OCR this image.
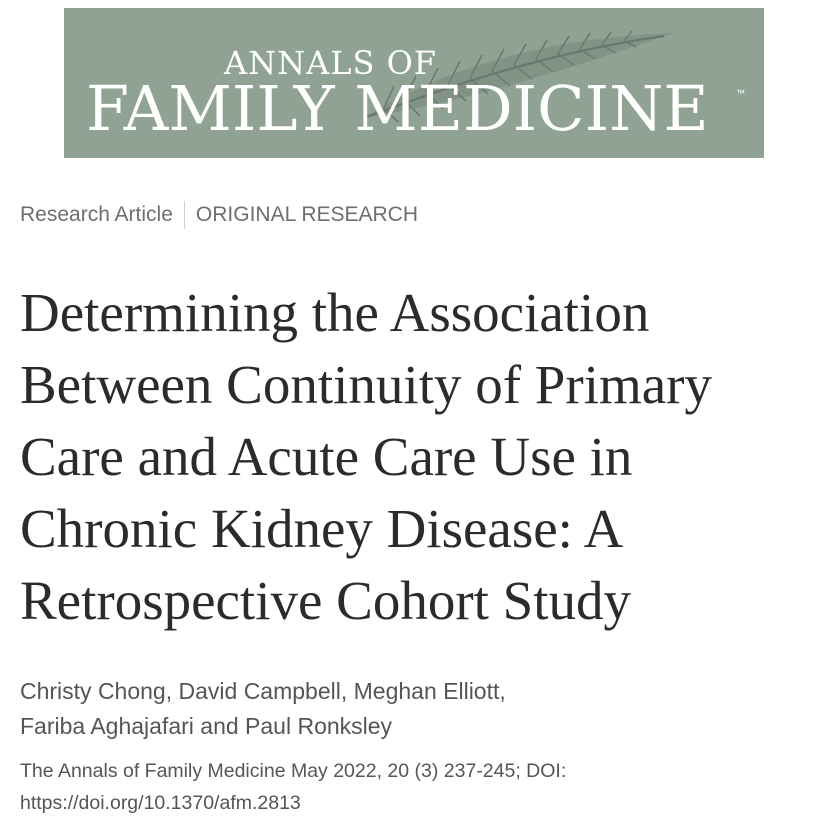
ANNALS OF
FAMILY MEDICINE	™
Research Article ORIGINAL RESEARCH
Determining the Association Between Continuity of Primary Care and Acute Care Use in Chronic Kidney Disease: A Retrospective Cohort Study
Christy Chong, David Campbell, Meghan Elliott,
Fariba Aghajafari and Paul Ronksley
The Annals of Family Medicine May 2022, 20 (3) 237-245; DOI:
https://doi.org/10.1370/afm.2813
